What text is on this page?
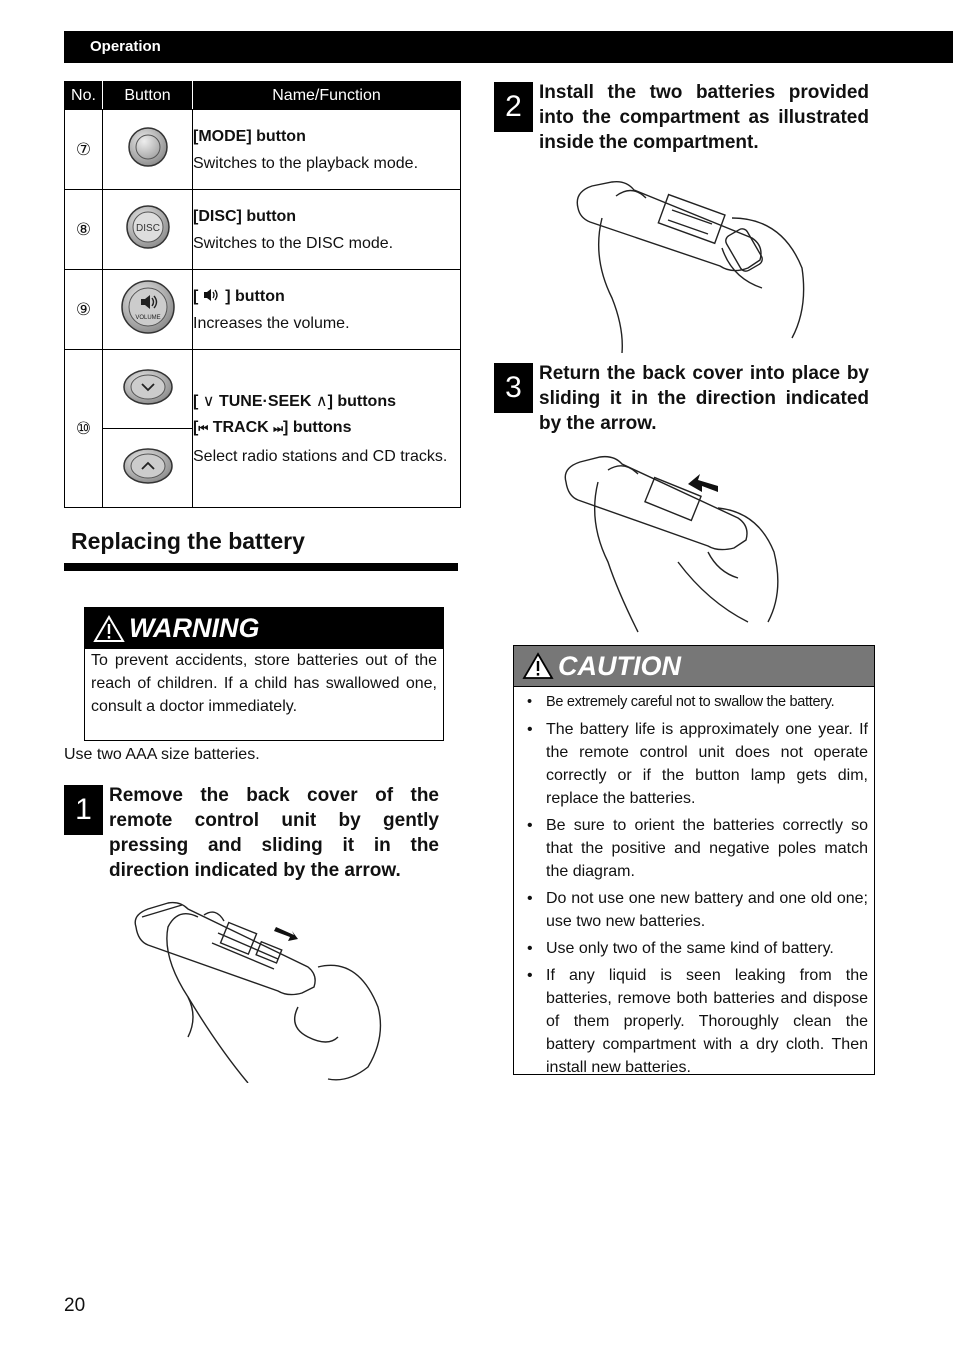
Operation
No.	Button	Name/Function
⑦		[MODE] button
Switches to the playback mode.

⑧	DISC	[DISC] button
Switches to the DISC mode.

⑨	VOLUME	[ ] button
Increases the volume.

⑩		[ ∨ TUNE·SEEK ∧] buttons
[⏮ TRACK ⏭] buttons
Select radio stations and CD tracks.

Replacing the battery
WARNING
To prevent accidents, store batteries out of the reach of children. If a child has swallowed one, consult a doctor immediately.
Use two AAA size batteries.
1 Remove the back cover of the remote control unit by gently pressing and sliding it in the direction indicated by the arrow.
2 Install the two batteries provided into the compartment as illustrated inside the compartment.
3 Return the back cover into place by sliding it in the direction indicated by the arrow.
CAUTION
• Be extremely careful not to swallow the battery.
• The battery life is approximately one year. If the remote control unit does not operate correctly or if the button lamp gets dim, replace the batteries.
• Be sure to orient the batteries correctly so that the positive and negative poles match the diagram.
• Do not use one new battery and one old one; use two new batteries.
• Use only two of the same kind of battery.
• If any liquid is seen leaking from the batteries, remove both batteries and dispose of them properly. Thoroughly clean the battery compartment with a dry cloth. Then install new batteries.
20
